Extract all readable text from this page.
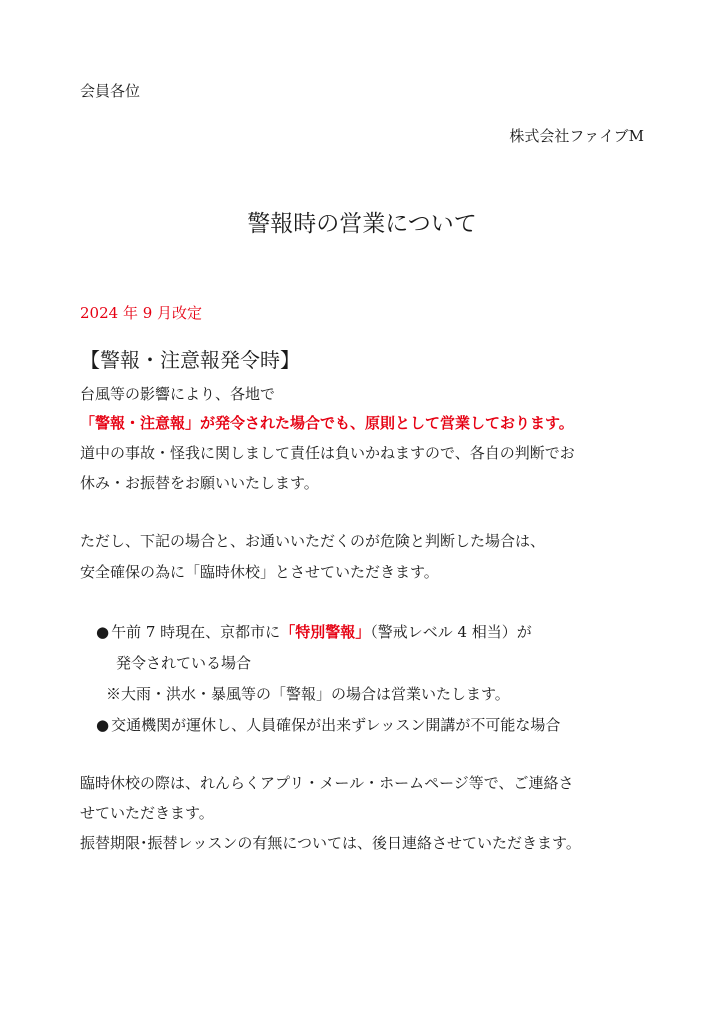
会員各位
株式会社ファイブM
警報時の営業について
2024 年 9 月改定
【警報・注意報発令時】
台風等の影響により、各地で
「警報・注意報」が発令された場合でも、原則として営業しております。
道中の事故・怪我に関しまして責任は負いかねますので、各自の判断でお
休み・お振替をお願いいたします。
ただし、下記の場合と、お通いいただくのが危険と判断した場合は、
安全確保の為に「臨時休校」とさせていただきます。
● 午前 7 時現在、京都市に「特別警報」（警戒レベル 4 相当）が
発令されている場合
※大雨・洪水・暴風等の「警報」の場合は営業いたします。
● 交通機関が運休し、人員確保が出来ずレッスン開講が不可能な場合
臨時休校の際は、れんらくアプリ・メール・ホームページ等で、ご連絡さ
せていただきます。
振替期限･振替レッスンの有無については、後日連絡させていただきます。
